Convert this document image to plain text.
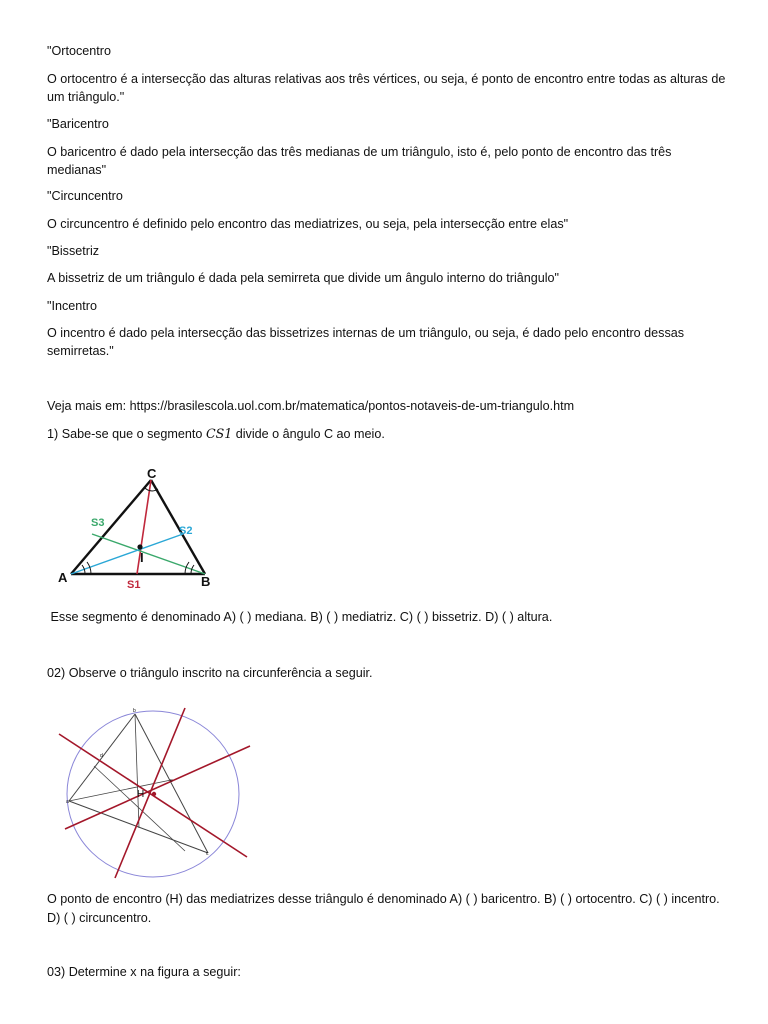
"Ortocentro
O ortocentro é a intersecção das alturas relativas aos três vértices, ou seja, é ponto de encontro entre todas as alturas de um triângulo."
"Baricentro
O baricentro é dado pela intersecção das três medianas de um triângulo, isto é, pelo ponto de encontro das três medianas"
"Circuncentro
O circuncentro é definido pelo encontro das mediatrizes, ou seja, pela intersecção entre elas"
"Bissetriz
A bissetriz de um triângulo é dada pela semirreta que divide um ângulo interno do triângulo"
"Incentro
O incentro é dado pela intersecção das bissetrizes internas de um triângulo, ou seja, é dado pelo encontro dessas semirretas."
Veja mais em: https://brasilescola.uol.com.br/matematica/pontos-notaveis-de-um-triangulo.htm
1) Sabe-se que o segmento CS1 divide o ângulo C ao meio.
C
A	B
I
S1
S2
S3
Esse segmento é denominado A) ( ) mediana. B) ( ) mediatriz. C) ( ) bissetriz. D) ( ) altura.
02) Observe o triângulo inscrito na circunferência a seguir.
H
b
c
a
d
e
O ponto de encontro (H) das mediatrizes desse triângulo é denominado A) ( ) baricentro. B) ( ) ortocentro. C) ( ) incentro. D) ( ) circuncentro.
03) Determine x na figura a seguir:
